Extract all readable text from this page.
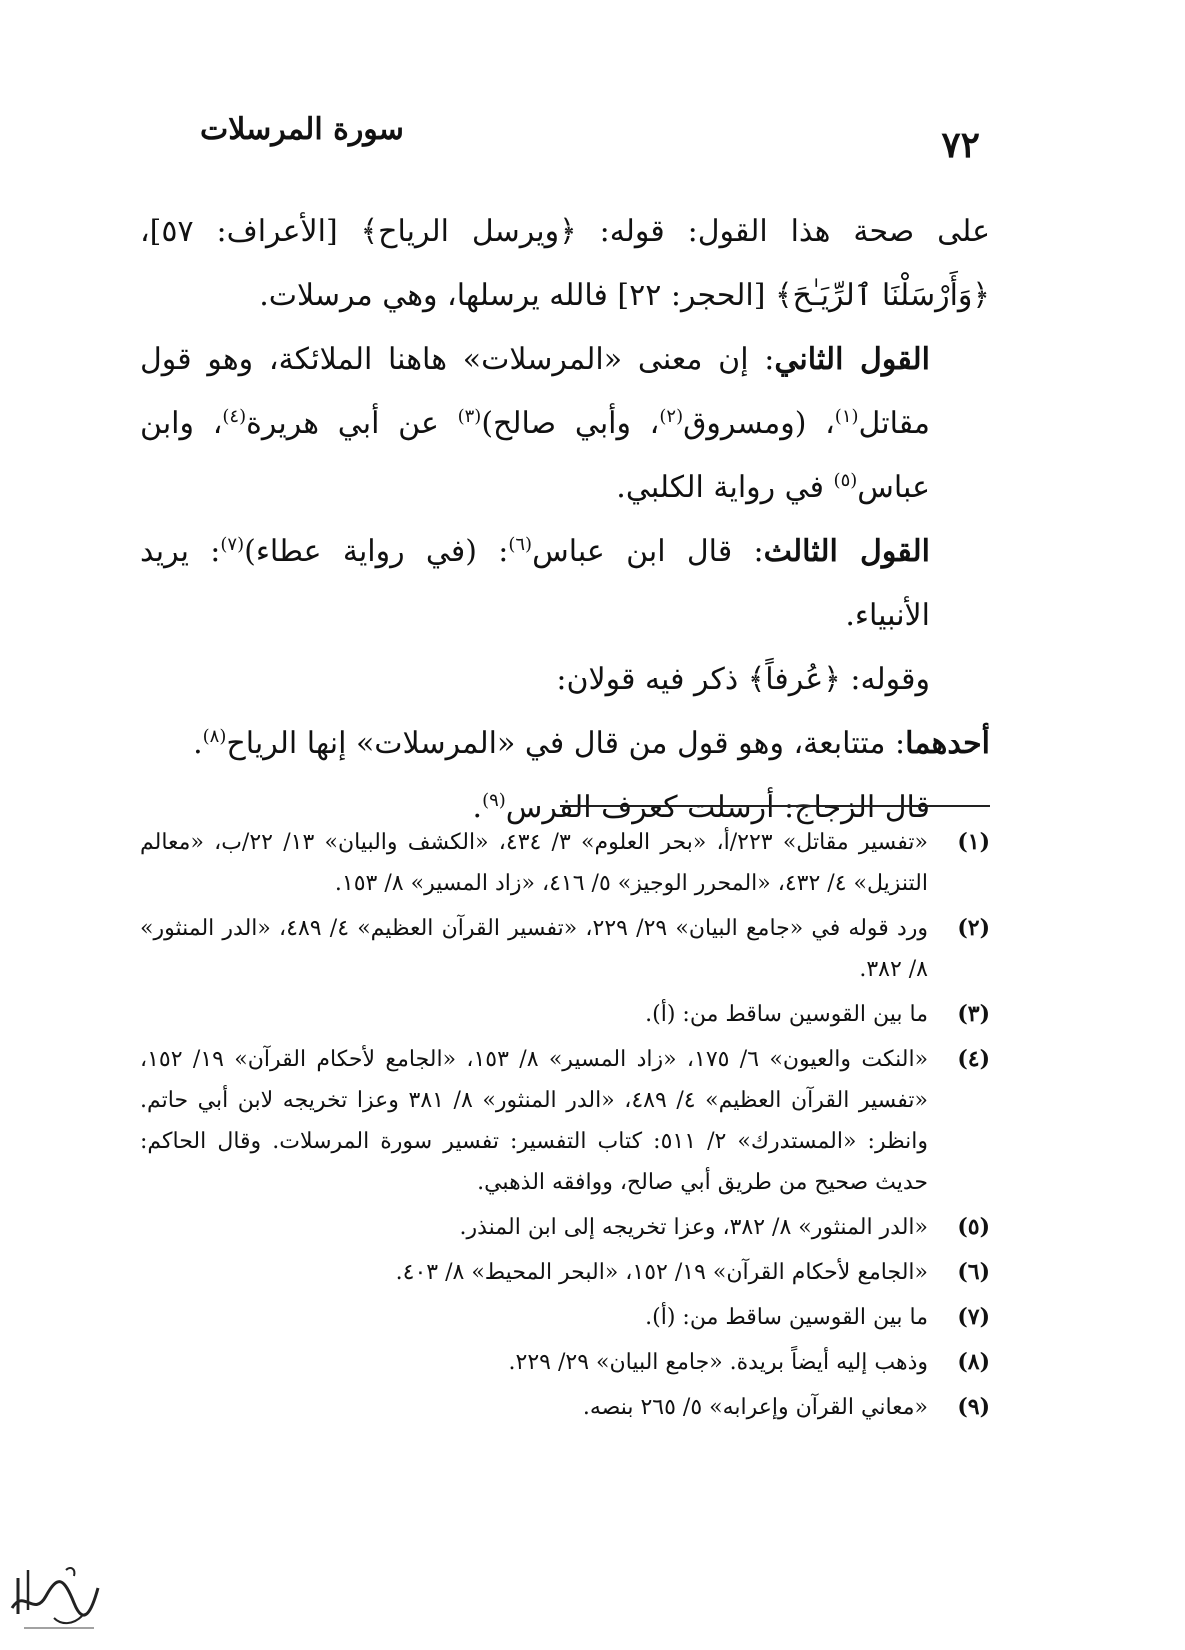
٧٢
سورة المرسلات

على صحة هذا القول: قوله: ﴿ويرسل الرياح﴾ [الأعراف: ٥٧]، ﴿وَأَرْسَلْنَا ٱلرِّيَـٰحَ﴾ [الحجر: ٢٢] فالله يرسلها، وهي مرسلات.

القول الثاني: إن معنى «المرسلات» هاهنا الملائكة، وهو قول مقاتل$^{(١)}$، (ومسروق$^{(٢)}$، وأبي صالح)$^{(٣)}$ عن أبي هريرة$^{(٤)}$، وابن عباس$^{(٥)}$ في رواية الكلبي.

القول الثالث: قال ابن عباس$^{(٦)}$: (في رواية عطاء)$^{(٧)}$: يريد الأنبياء.

وقوله: ﴿عُرفاً﴾ ذكر فيه قولان:

أحدهما: متتابعة، وهو قول من قال في «المرسلات» إنها الرياح$^{(٨)}$.

قال الزجاج: أرسلت كعرف الفرس$^{(٩)}$.

(١)
«تفسير مقاتل» ٢٢٣/أ، «بحر العلوم» ٣/ ٤٣٤، «الكشف والبيان» ١٣/ ٢٢/ب، «معالم التنزيل» ٤/ ٤٣٢، «المحرر الوجيز» ٥/ ٤١٦، «زاد المسير» ٨/ ١٥٣.
(٢)
ورد قوله في «جامع البيان» ٢٩/ ٢٢٩، «تفسير القرآن العظيم» ٤/ ٤٨٩، «الدر المنثور» ٨/ ٣٨٢.
(٣)
ما بين القوسين ساقط من: (أ).
(٤)
«النكت والعيون» ٦/ ١٧٥، «زاد المسير» ٨/ ١٥٣، «الجامع لأحكام القرآن» ١٩/ ١٥٢، «تفسير القرآن العظيم» ٤/ ٤٨٩، «الدر المنثور» ٨/ ٣٨١ وعزا تخريجه لابن أبي حاتم. وانظر: «المستدرك» ٢/ ٥١١: كتاب التفسير: تفسير سورة المرسلات. وقال الحاكم: حديث صحيح من طريق أبي صالح، ووافقه الذهبي.
(٥)
«الدر المنثور» ٨/ ٣٨٢، وعزا تخريجه إلى ابن المنذر.
(٦)
«الجامع لأحكام القرآن» ١٩/ ١٥٢، «البحر المحيط» ٨/ ٤٠٣.
(٧)
ما بين القوسين ساقط من: (أ).
(٨)
وذهب إليه أيضاً بريدة. «جامع البيان» ٢٩/ ٢٢٩.
(٩)
«معاني القرآن وإعرابه» ٥/ ٢٦٥ بنصه.
